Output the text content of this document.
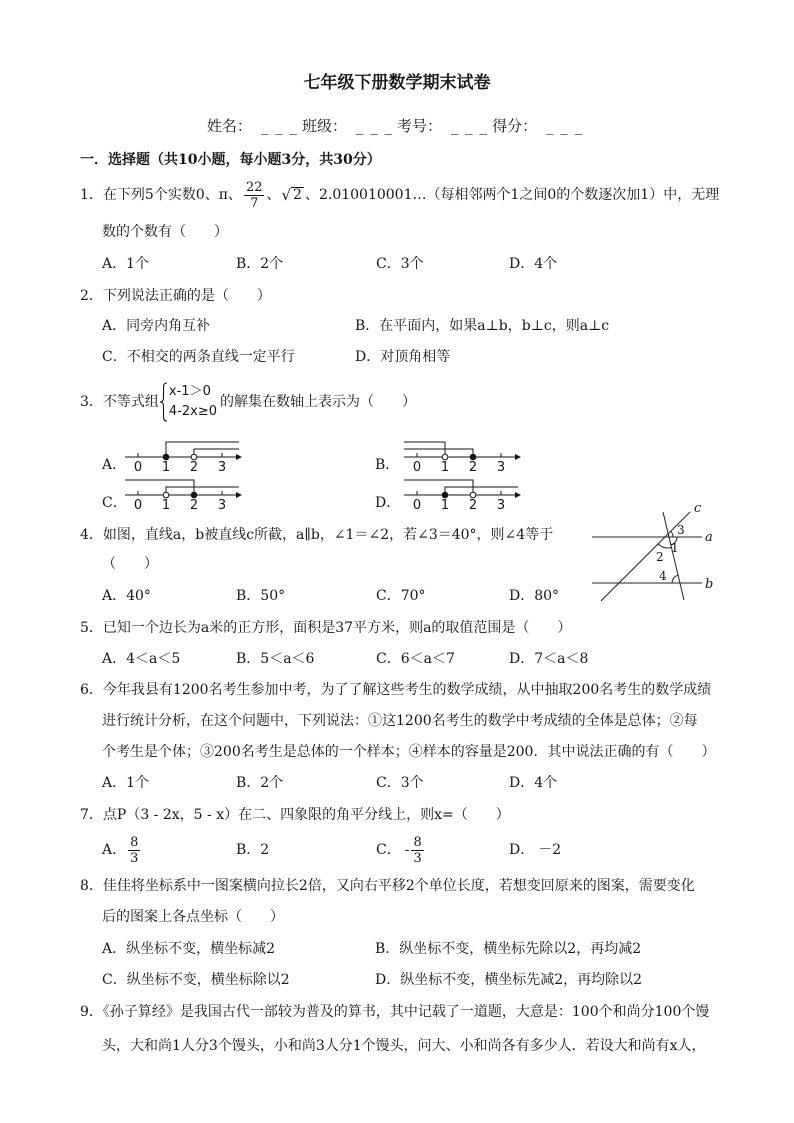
七年级下册数学期末试卷
姓名： _ _ _ 班级： _ _ _ 考号： _ _ _ 得分： _ _ _
一．选择题（共10小题，每小题3分，共30分）
1．在下列5个实数0、π、 $\frac{22}{7}$ 、 √ 2 、2.010010001…（每相邻两个1之间0的个数逐次加1）中，无理
数的个数有（　　）
A．1个	B．2个	C．3个	D．4个
2．下列说法正确的是（　　）
A．同旁内角互补	B．在平面内，如果a⊥b，b⊥c，则a⊥c
C．不相交的两条直线一定平行	D．对顶角相等
3．不等式组
x-1＞0
4-2x≥0
的解集在数轴上表示为（　　）
A． 0 1 2 3	B． 0 1 2 3
C． 0 1 2 3	D． 0 1 2 3
4．如图，直线a，b被直线c所截，a∥b，∠1＝∠2，若∠3＝40°，则∠4等于
（　　）
a
b
c
1
2
3
4
A．40°	B．50°	C．70°	D．80°
5．已知一个边长为a米的正方形，面积是37平方米，则a的取值范围是（　　）
A．4＜a＜5	B．5＜a＜6	C．6＜a＜7	D．7＜a＜8
6．今年我县有1200名考生参加中考，为了了解这些考生的数学成绩，从中抽取200名考生的数学成绩
进行统计分析，在这个问题中，下列说法：①这1200名考生的数学中考成绩的全体是总体；②每
个考生是个体；③200名考生是总体的一个样本；④样本的容量是200．其中说法正确的有（　　）
A．1个	B．2个	C．3个	D．4个
7．点P（3 - 2x，5 - x）在二、四象限的角平分线上，则x=（　　）
A． $\frac{8}{3}$	B． 2	C． - $\frac{8}{3}$	D． －2
8．佳佳将坐标系中一图案横向拉长2倍，又向右平移2个单位长度，若想变回原来的图案，需要变化
后的图案上各点坐标（　　）
A．纵坐标不变，横坐标减2	B．纵坐标不变，横坐标先除以2，再均减2
C．纵坐标不变，横坐标除以2	D．纵坐标不变，横坐标先减2，再均除以2
9．《孙子算经》是我国古代一部较为普及的算书，其中记载了一道题，大意是：100个和尚分100个馒
头，大和尚1人分3个馒头，小和尚3人分1个馒头，问大、小和尚各有多少人．若设大和尚有x人，
